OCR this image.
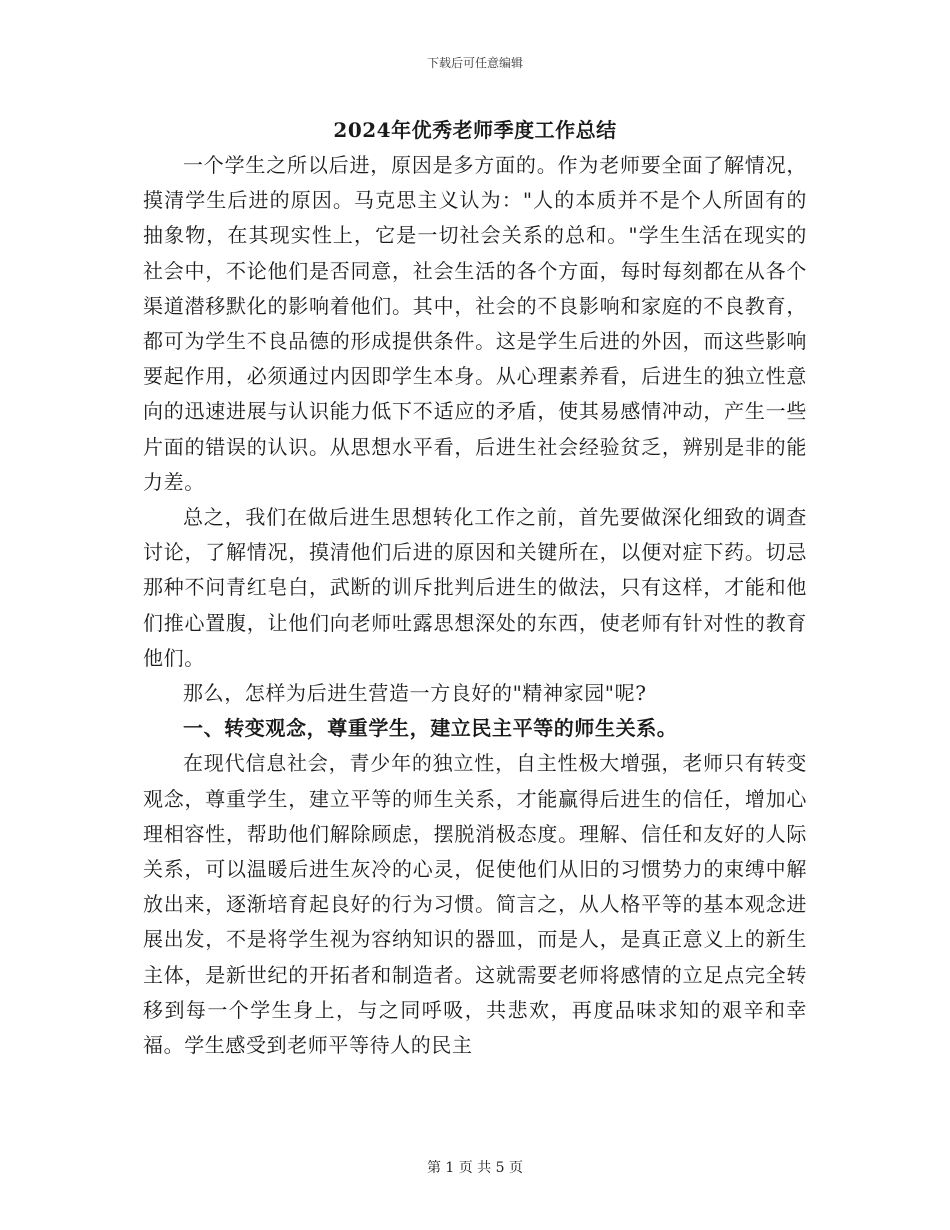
下载后可任意编辑
2024年优秀老师季度工作总结

一个学生之所以后进，原因是多方面的。作为老师要全面了解情况，摸清学生后进的原因。马克思主义认为："人的本质并不是个人所固有的抽象物，在其现实性上，它是一切社会关系的总和。"学生生活在现实的社会中，不论他们是否同意，社会生活的各个方面，每时每刻都在从各个渠道潜移默化的影响着他们。其中，社会的不良影响和家庭的不良教育，都可为学生不良品德的形成提供条件。这是学生后进的外因，而这些影响要起作用，必须通过内因即学生本身。从心理素养看，后进生的独立性意向的迅速进展与认识能力低下不适应的矛盾，使其易感情冲动，产生一些片面的错误的认识。从思想水平看，后进生社会经验贫乏，辨别是非的能力差。

总之，我们在做后进生思想转化工作之前，首先要做深化细致的调查讨论，了解情况，摸清他们后进的原因和关键所在，以便对症下药。切忌那种不问青红皂白，武断的训斥批判后进生的做法，只有这样，才能和他们推心置腹，让他们向老师吐露思想深处的东西，使老师有针对性的教育他们。

那么，怎样为后进生营造一方良好的"精神家园"呢?

一、转变观念，尊重学生，建立民主平等的师生关系。

在现代信息社会，青少年的独立性，自主性极大增强，老师只有转变观念，尊重学生，建立平等的师生关系，才能赢得后进生的信任，增加心理相容性，帮助他们解除顾虑，摆脱消极态度。理解、信任和友好的人际关系，可以温暖后进生灰冷的心灵，促使他们从旧的习惯势力的束缚中解放出来，逐渐培育起良好的行为习惯。简言之，从人格平等的基本观念进展出发，不是将学生视为容纳知识的器皿，而是人，是真正意义上的新生主体，是新世纪的开拓者和制造者。这就需要老师将感情的立足点完全转移到每一个学生身上，与之同呼吸，共悲欢，再度品味求知的艰辛和幸福。学生感受到老师平等待人的民主

第 1 页 共 5 页
